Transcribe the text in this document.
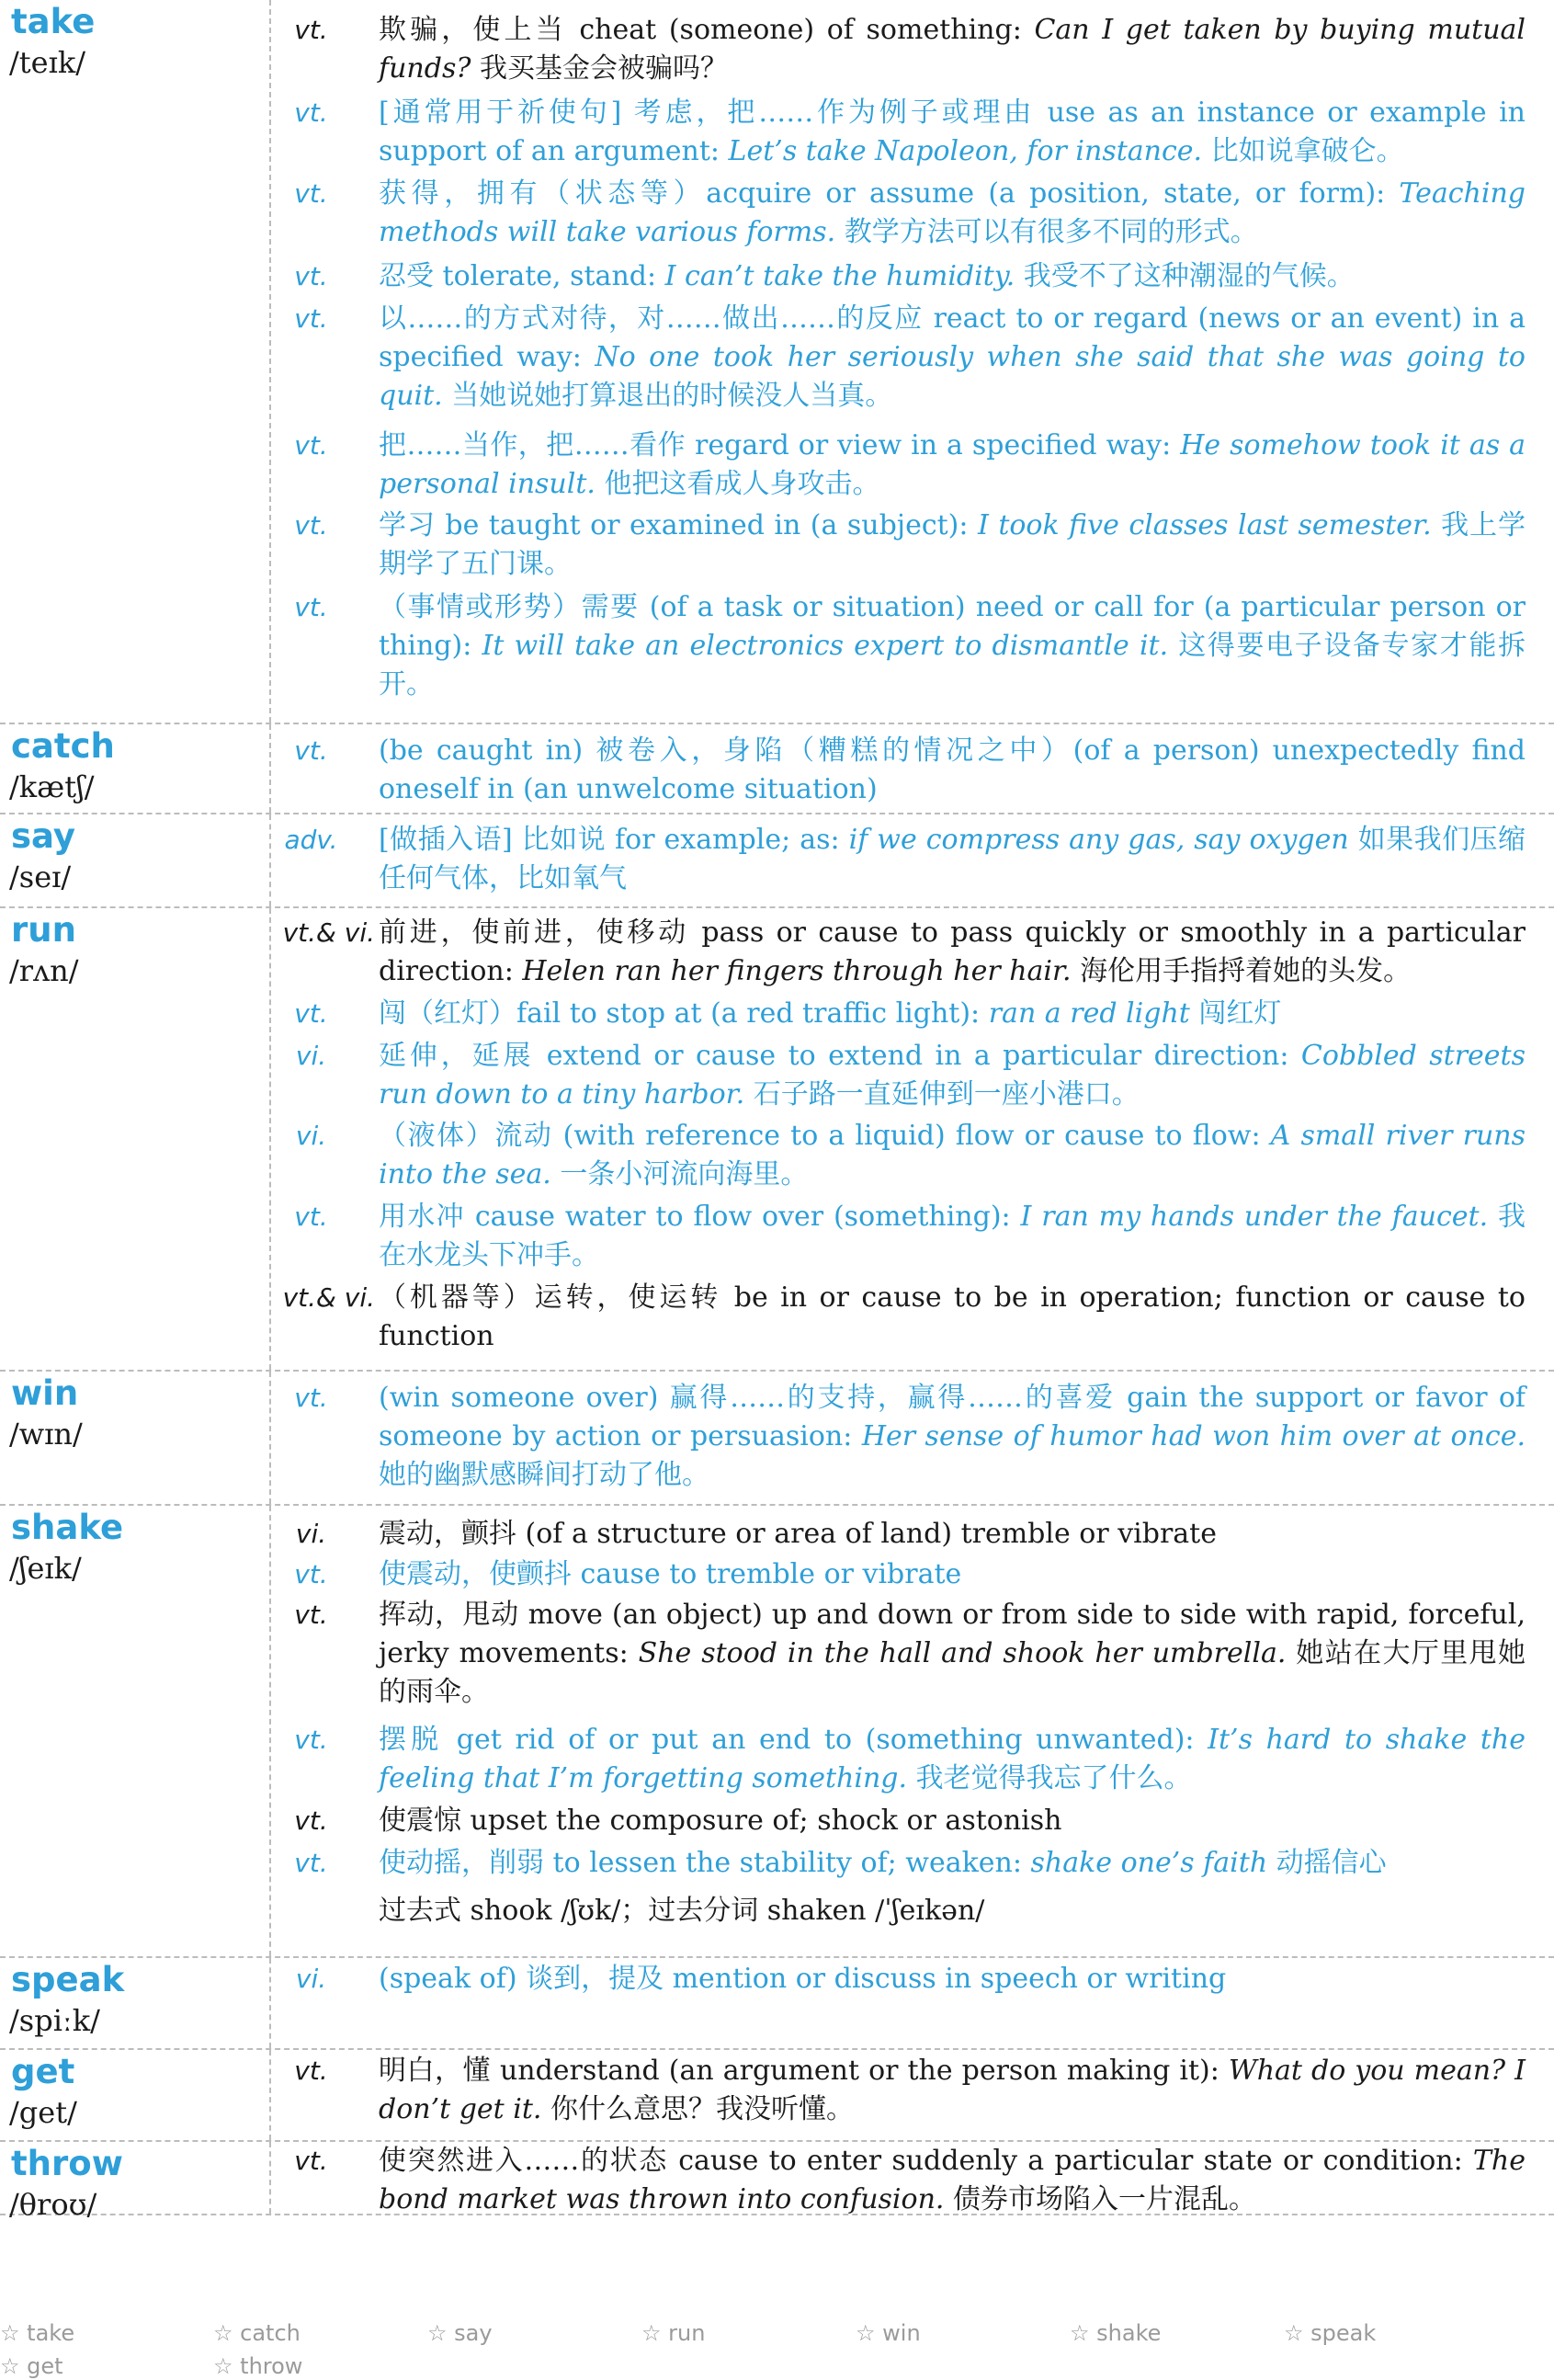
take
/teɪk/
vt.	欺骗，使上当 cheat (someone) of something: Can I get taken by buying mutual funds? 我买基金会被骗吗？
vt.	[通常用于祈使句] 考虑，把……作为例子或理由 use as an instance or example in support of an argument: Let’s take Napoleon, for instance. 比如说拿破仑。
vt.	获得，拥有（状态等）acquire or assume (a position, state, or form): Teaching methods will take various forms. 教学方法可以有很多不同的形式。
vt.	忍受 tolerate, stand: I can’t take the humidity. 我受不了这种潮湿的气候。
vt.	以……的方式对待，对……做出……的反应 react to or regard (news or an event) in a specified way: No one took her seriously when she said that she was going to quit. 当她说她打算退出的时候没人当真。
vt.	把……当作，把……看作 regard or view in a specified way: He somehow took it as a personal insult. 他把这看成人身攻击。
vt.	学习 be taught or examined in (a subject): I took five classes last semester. 我上学期学了五门课。
vt.	（事情或形势）需要 (of a task or situation) need or call for (a particular person or thing): It will take an electronics expert to dismantle it. 这得要电子设备专家才能拆开。
catch
/kætʃ/
vt.	(be caught in) 被卷入，身陷（糟糕的情况之中）(of a person) unexpectedly find oneself in (an unwelcome situation)
say
/seɪ/
adv. [做插入语] 比如说 for example; as: if we compress any gas, say oxygen 如果我们压缩任何气体，比如氧气
run
/rʌn/
vt.& vi. 前进，使前进，使移动 pass or cause to pass quickly or smoothly in a particular direction: Helen ran her fingers through her hair. 海伦用手指捋着她的头发。
vt.	闯（红灯）fail to stop at (a red traffic light): ran a red light 闯红灯
vi.	延伸，延展 extend or cause to extend in a particular direction: Cobbled streets run down to a tiny harbor. 石子路一直延伸到一座小港口。
vi.	（液体）流动 (with reference to a liquid) flow or cause to flow: A small river runs into the sea. 一条小河流向海里。
vt.	用水冲 cause water to flow over (something): I ran my hands under the faucet. 我在水龙头下冲手。
vt.& vi. （机器等）运转，使运转 be in or cause to be in operation; function or cause to function
win
/wɪn/
vt.	(win someone over) 赢得……的支持，赢得……的喜爱 gain the support or favor of someone by action or persuasion: Her sense of humor had won him over at once. 她的幽默感瞬间打动了他。
shake
/ʃeɪk/
vi.	震动，颤抖 (of a structure or area of land) tremble or vibrate
vt.	使震动，使颤抖 cause to tremble or vibrate
vt.	挥动，甩动 move (an object) up and down or from side to side with rapid, forceful, jerky movements: She stood in the hall and shook her umbrella. 她站在大厅里甩她的雨伞。
vt.	摆脱 get rid of or put an end to (something unwanted): It’s hard to shake the feeling that I’m forgetting something. 我老觉得我忘了什么。
vt.	使震惊 upset the composure of; shock or astonish
vt.	使动摇，削弱 to lessen the stability of; weaken: shake one’s faith 动摇信心
过去式 shook /ʃʊk/；过去分词 shaken /ˈʃeɪkən/
speak
/spiːk/
vi.	(speak of) 谈到，提及 mention or discuss in speech or writing
get
/get/
vt.	明白，懂 understand (an argument or the person making it): What do you mean? I don’t get it. 你什么意思？我没听懂。
throw
/θroʊ/
vt.	使突然进入……的状态 cause to enter suddenly a particular state or condition: The bond market was thrown into confusion. 债券市场陷入一片混乱。
☆ take	☆ catch	☆ say	☆ run	☆ win	☆ shake	☆ speak
☆ get	☆ throw
